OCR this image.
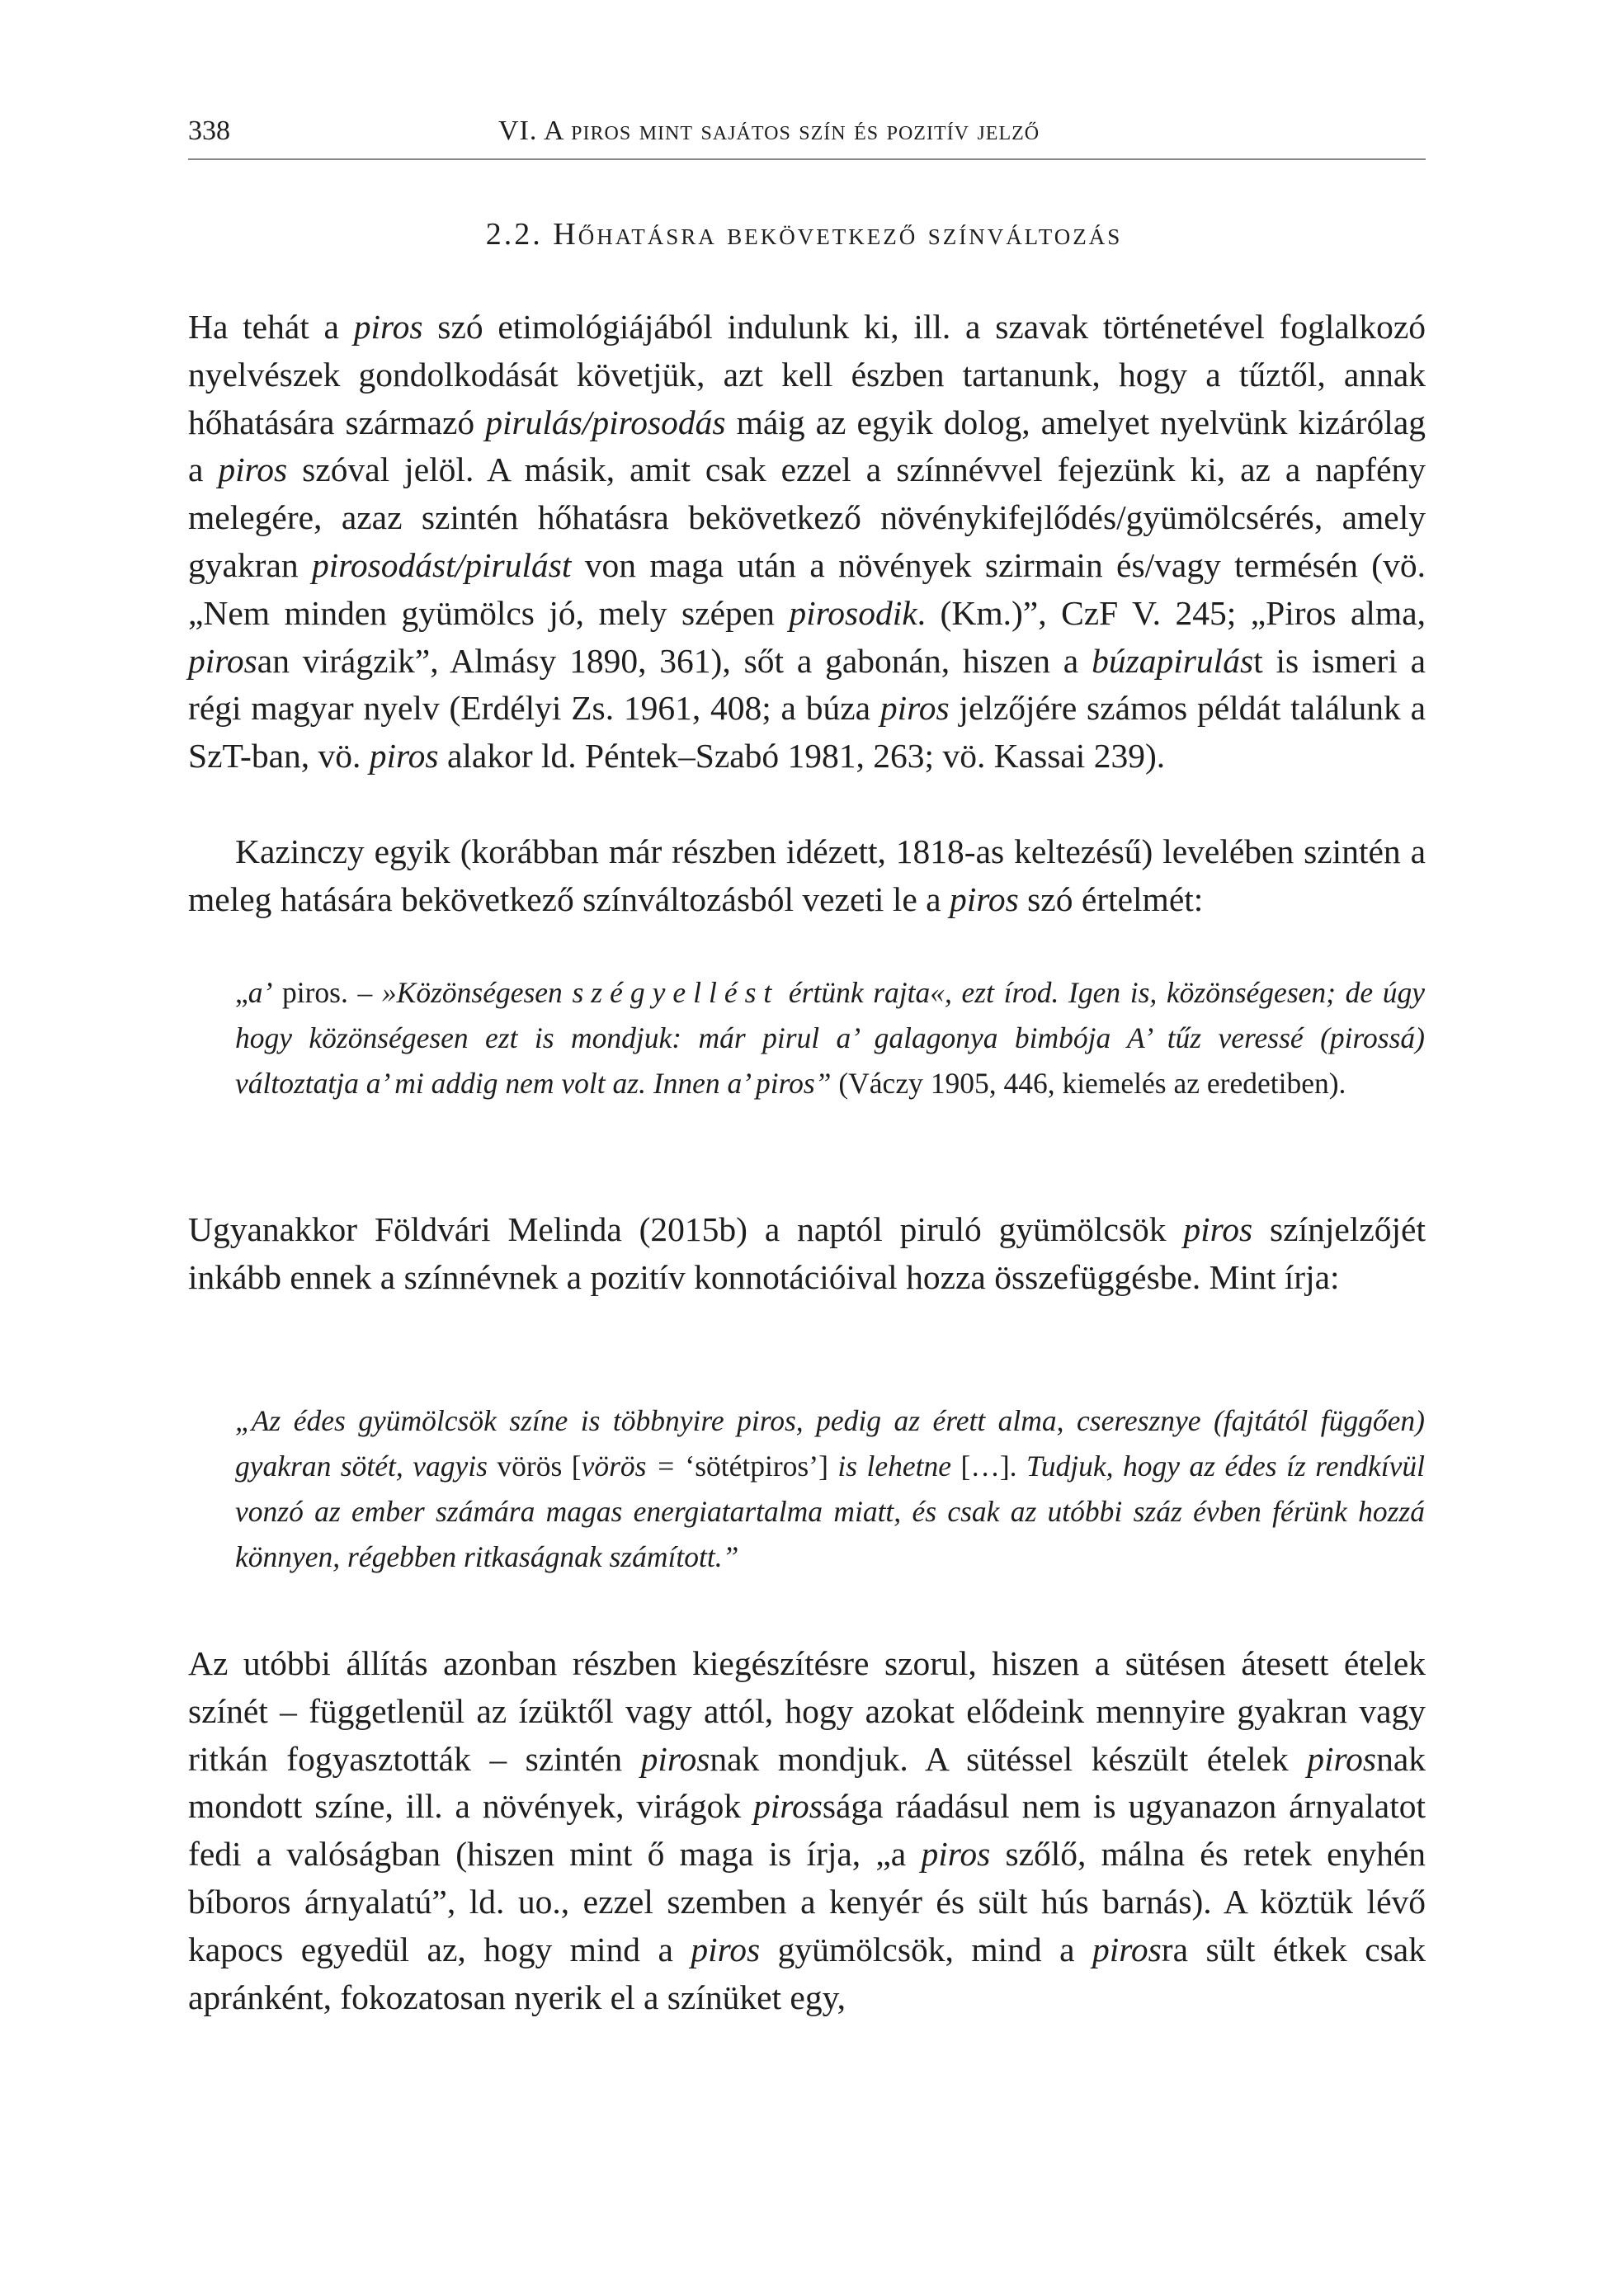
338	VI. A piros mint sajátos szín és pozitív jelző
2.2. Hőhatásra bekövetkező színváltozás

Ha tehát a piros szó etimológiájából indulunk ki, ill. a szavak történetével foglalkozó nyelvészek gondolkodását követjük, azt kell észben tartanunk, hogy a tűztől, annak hőhatására származó pirulás/pirosodás máig az egyik dolog, amelyet nyelvünk kizárólag a piros szóval jelöl. A másik, amit csak ezzel a színnévvel fejezünk ki, az a napfény melegére, azaz szintén hőhatásra bekövetkező növénykifejlődés/gyümölcsérés, amely gyakran pirosodást/pirulást von maga után a növények szirmain és/vagy termésén (vö. „Nem minden gyümölcs jó, mely szépen pirosodik. (Km.)”, CzF V. 245; „Piros alma, pirosan virágzik”, Almásy 1890, 361), sőt a gabonán, hiszen a búzapirulást is ismeri a régi magyar nyelv (Erdélyi Zs. 1961, 408; a búza piros jelzőjére számos példát találunk a SzT-ban, vö. piros alakor ld. Péntek–Szabó 1981, 263; vö. Kassai 239).

Kazinczy egyik (korábban már részben idézett, 1818-as keltezésű) levelében szintén a meleg hatására bekövetkező színváltozásból vezeti le a piros szó értelmét:

„a’ piros. – »Közönségesen szégyellést értünk rajta«, ezt írod. Igen is, közönségesen; de úgy hogy közönségesen ezt is mondjuk: már pirul a’ galagonya bimbója A’ tűz veressé (pirossá) változtatja a’ mi addig nem volt az. Innen a’ piros” (Váczy 1905, 446, kiemelés az eredetiben).

Ugyanakkor Földvári Melinda (2015b) a naptól piruló gyümölcsök piros színjelzőjét inkább ennek a színnévnek a pozitív konnotációival hozza összefüggésbe. Mint írja:

„Az édes gyümölcsök színe is többnyire piros, pedig az érett alma, cseresznye (fajtától függően) gyakran sötét, vagyis vörös [vörös = ‘sötétpiros’] is lehetne […]. Tudjuk, hogy az édes íz rendkívül vonzó az ember számára magas energiatartalma miatt, és csak az utóbbi száz évben férünk hozzá könnyen, régebben ritkaságnak számított.”

Az utóbbi állítás azonban részben kiegészítésre szorul, hiszen a sütésen átesett ételek színét – függetlenül az ízüktől vagy attól, hogy azokat elődeink mennyire gyakran vagy ritkán fogyasztották – szintén pirosnak mondjuk. A sütéssel készült ételek pirosnak mondott színe, ill. a növények, virágok pirossága ráadásul nem is ugyanazon árnyalatot fedi a valóságban (hiszen mint ő maga is írja, „a piros szőlő, málna és retek enyhén bíboros árnyalatú”, ld. uo., ezzel szemben a kenyér és sült hús barnás). A köztük lévő kapocs egyedül az, hogy mind a piros gyümölcsök, mind a pirosra sült étkek csak apránként, fokozatosan nyerik el a színüket egy,
